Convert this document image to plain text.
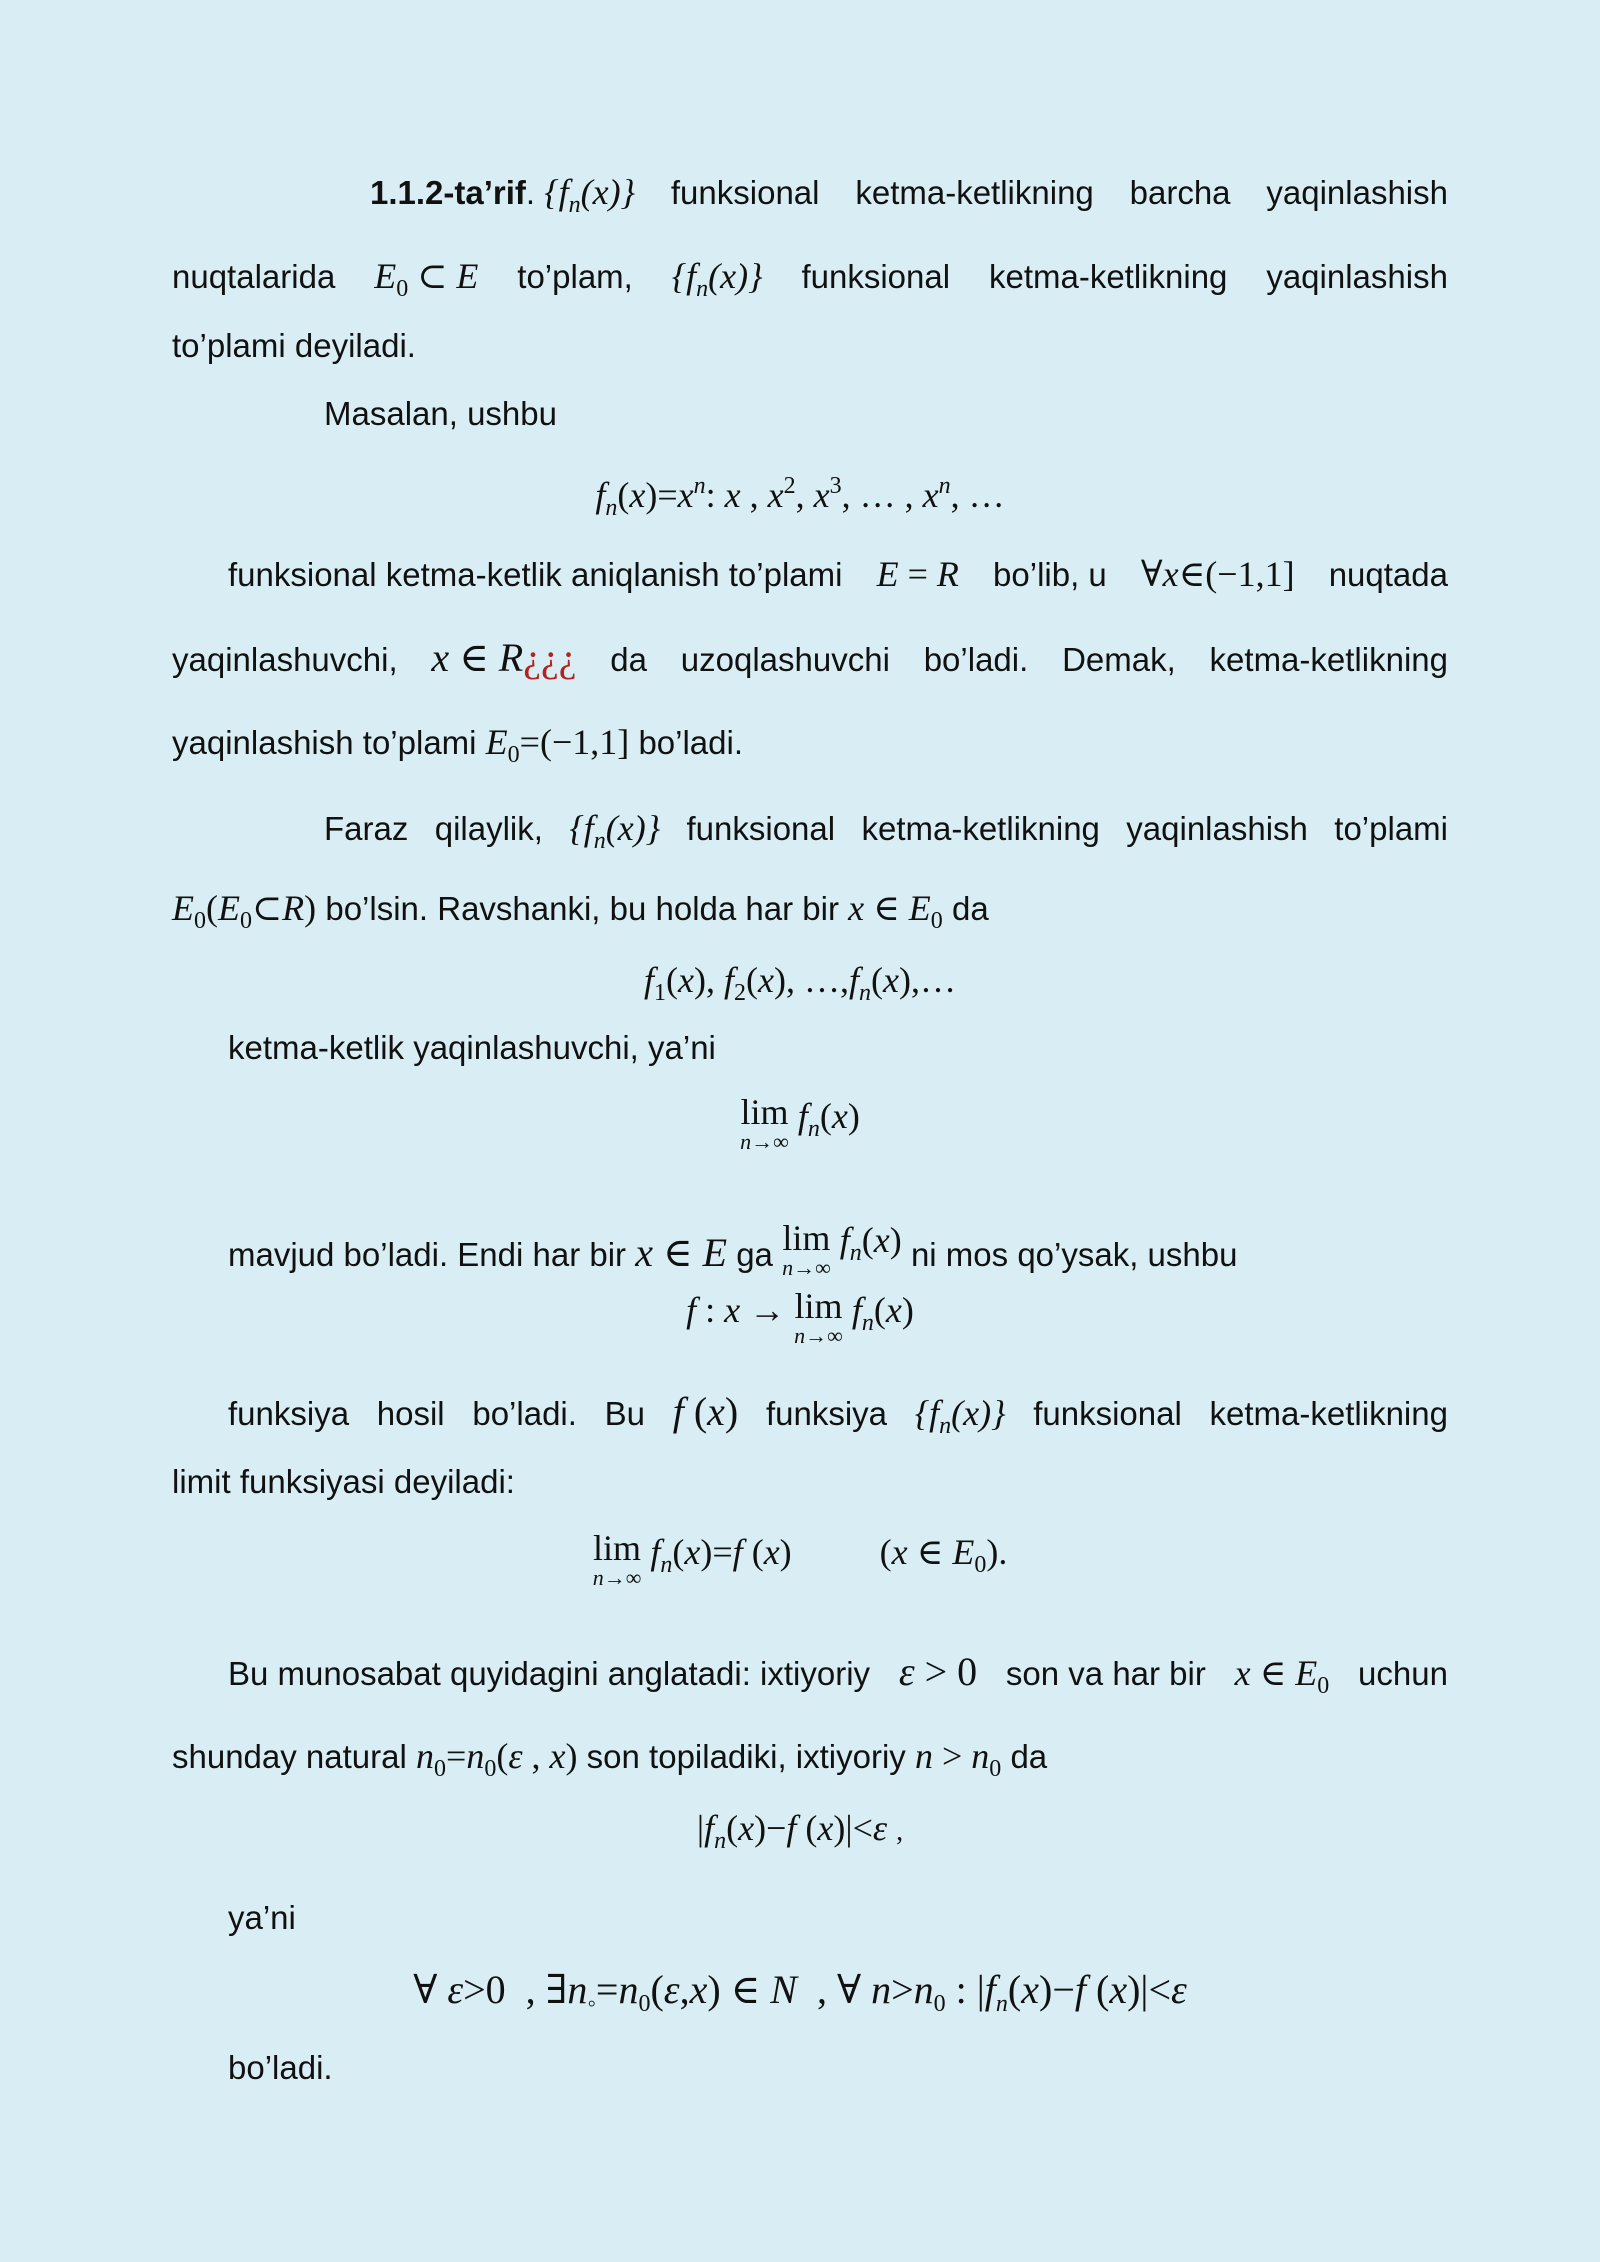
1.1.2-ta’rif. $\{f_n(x)\}$ funksional ketma-ketlikning barcha yaqinlashish
nuqtalarida $E_0$ ⊂ E to’plam, $\{f_n(x)\}$ funksional ketma-ketlikning yaqinlashish
to’plami deyiladi.
Masalan, ushbu
$f_n(x)=x^n$: x , $x^2$, $x^3$, … , $x^n$, …
funksional ketma-ketlik aniqlanish to’plami E = R bo’lib, u ∀x∈(−1,1] nuqtada
yaqinlashuvchi, x ∈ R¿¿¿ da uzoqlashuvchi bo’ladi. Demak, ketma-ketlikning
yaqinlashish to’plami $E_0=(-1,1]$ bo’ladi.
Faraz qilaylik, $\{f_n(x)\}$ funksional ketma-ketlikning yaqinlashish to’plami
$E_0(E_0\subset R)$ bo’lsin. Ravshanki, bu holda har bir x ∈ $E_0$ da
$f_1(x)$, $f_2(x)$, $\dots,f_n(x),\dots$
ketma-ketlik yaqinlashuvchi, ya’ni
lim
n→∞
$f_n(x)$
mavjud bo’ladi. Endi har bir x ∈ E ga lim
n→∞
$f_n(x)$ ni mos qo’ysak, ushbu
f : x → lim
n→∞
$f_n(x)$
funksiya hosil bo’ladi. Bu f (x) funksiya $\{f_n(x)\}$ funksional ketma-ketlikning
limit funksiyasi deyiladi:
lim
n→∞
$f_n(x)=f$ (x) (x ∈ $E_0$).
Bu munosabat quyidagini anglatadi: ixtiyoriy ε > 0 son va har bir x ∈ $E_0$ uchun
shunday natural $n_0=n_0(\varepsilon$ , x) son topiladiki, ixtiyoriy $n > n_0$ da
$|f_n(x)-f$ (x)|<ε ,
ya’ni
∀ ε>0  , $\exists n_◦=n_0(\varepsilon,x)$ ∈ N  , ∀ $n>n_0$ : $|f_n(x)-f$ (x)|<ε
bo’ladi.
